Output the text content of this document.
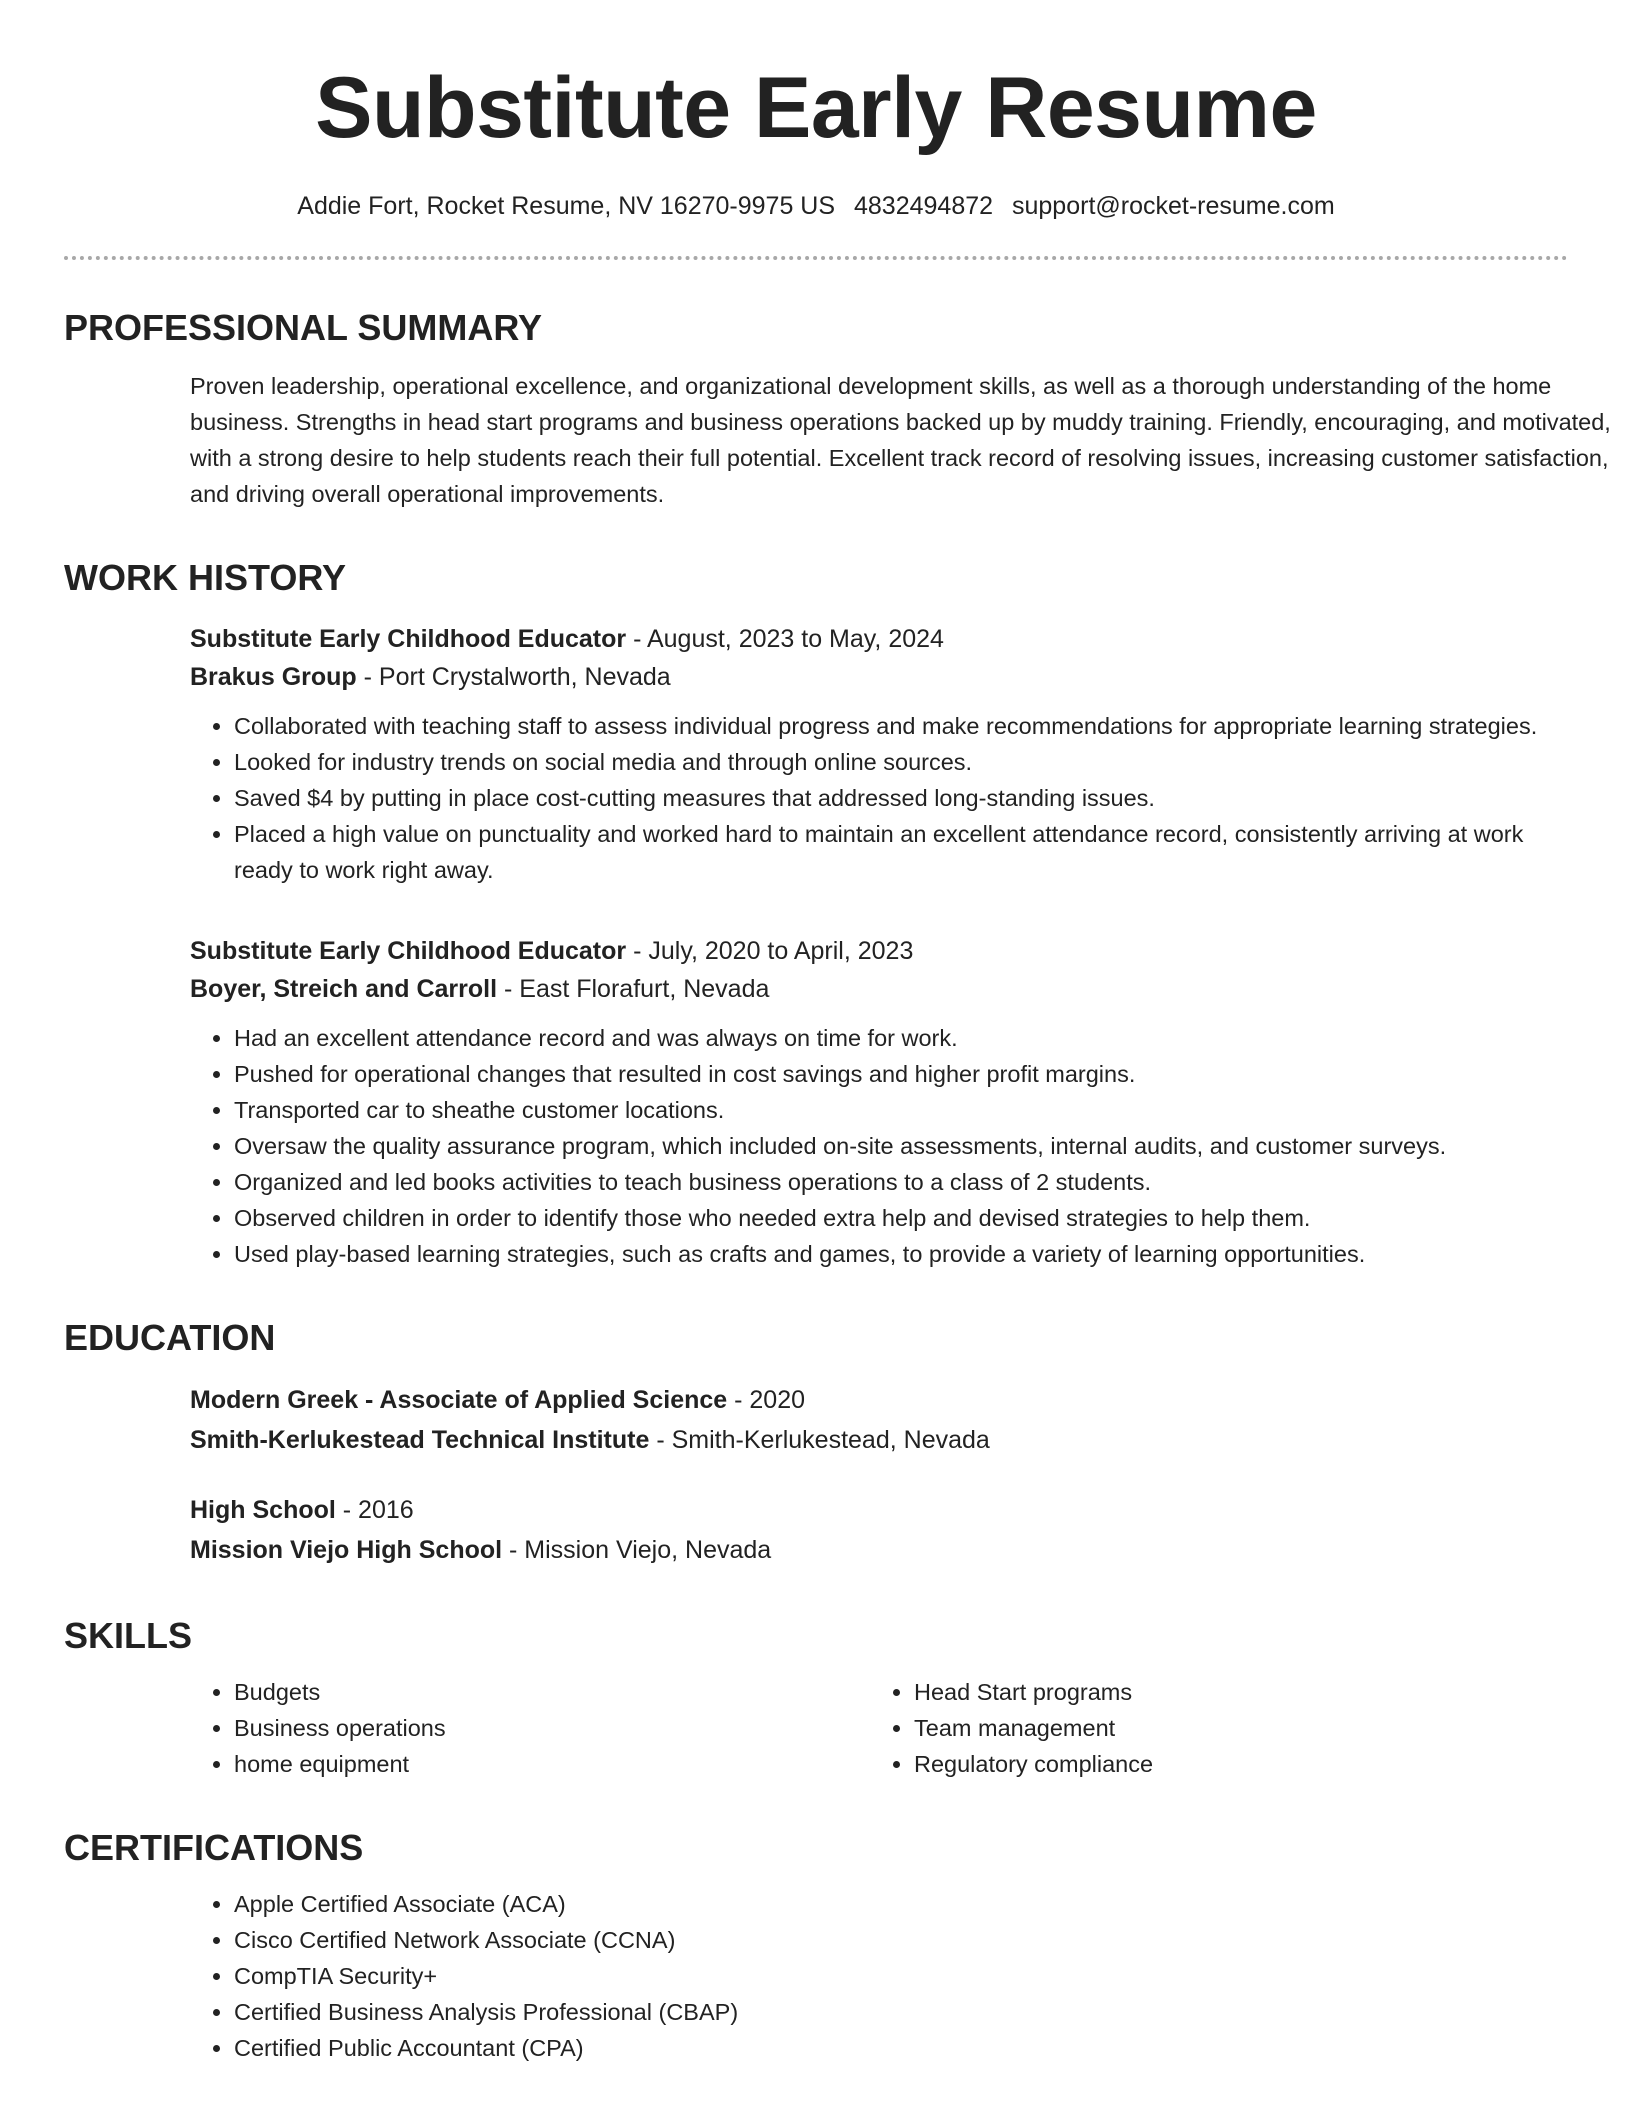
Substitute Early Resume
Addie Fort, Rocket Resume, NV 16270-9975 US 4832494872 support@rocket-resume.com
PROFESSIONAL SUMMARY
Proven leadership, operational excellence, and organizational development skills, as well as a thorough understanding of the home business. Strengths in head start programs and business operations backed up by muddy training. Friendly, encouraging, and motivated, with a strong desire to help students reach their full potential. Excellent track record of resolving issues, increasing customer satisfaction, and driving overall operational improvements.
WORK HISTORY
Substitute Early Childhood Educator - August, 2023 to May, 2024
Brakus Group - Port Crystalworth, Nevada
• Collaborated with teaching staff to assess individual progress and make recommendations for appropriate learning strategies.
• Looked for industry trends on social media and through online sources.
• Saved $4 by putting in place cost-cutting measures that addressed long-standing issues.
• Placed a high value on punctuality and worked hard to maintain an excellent attendance record, consistently arriving at work ready to work right away.
Substitute Early Childhood Educator - July, 2020 to April, 2023
Boyer, Streich and Carroll - East Florafurt, Nevada
• Had an excellent attendance record and was always on time for work.
• Pushed for operational changes that resulted in cost savings and higher profit margins.
• Transported car to sheathe customer locations.
• Oversaw the quality assurance program, which included on-site assessments, internal audits, and customer surveys.
• Organized and led books activities to teach business operations to a class of 2 students.
• Observed children in order to identify those who needed extra help and devised strategies to help them.
• Used play-based learning strategies, such as crafts and games, to provide a variety of learning opportunities.
EDUCATION
Modern Greek - Associate of Applied Science - 2020
Smith-Kerlukestead Technical Institute - Smith-Kerlukestead, Nevada
High School - 2016
Mission Viejo High School - Mission Viejo, Nevada
SKILLS
• Budgets
• Business operations
• home equipment
• Head Start programs
• Team management
• Regulatory compliance
CERTIFICATIONS
• Apple Certified Associate (ACA)
• Cisco Certified Network Associate (CCNA)
• CompTIA Security+
• Certified Business Analysis Professional (CBAP)
• Certified Public Accountant (CPA)
